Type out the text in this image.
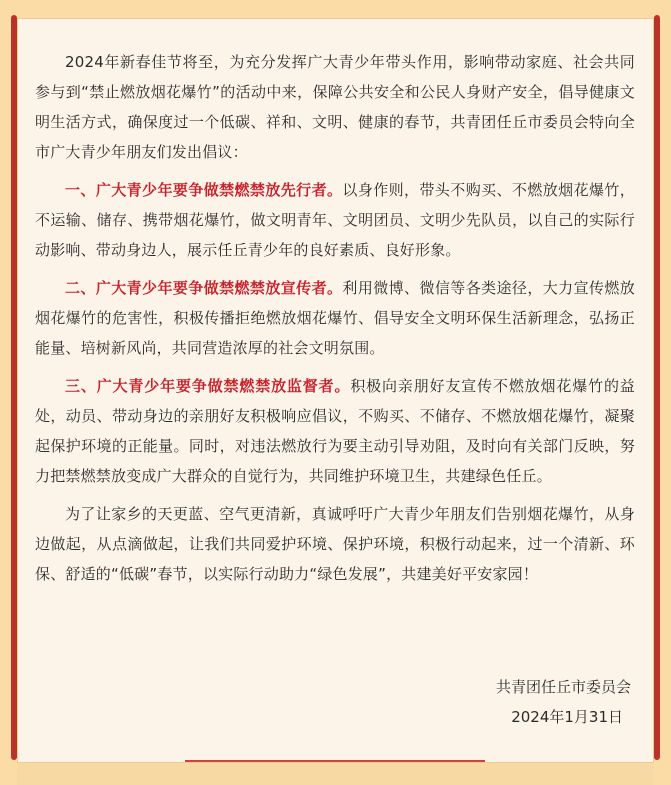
2024年新春佳节将至，为充分发挥广大青少年带头作用，影响带动家庭、社会共同参与到“禁止燃放烟花爆竹”的活动中来，保障公共安全和公民人身财产安全，倡导健康文明生活方式，确保度过一个低碳、祥和、文明、健康的春节，共青团任丘市委员会特向全市广大青少年朋友们发出倡议：

一、广大青少年要争做禁燃禁放先行者。以身作则，带头不购买、不燃放烟花爆竹，不运输、储存、携带烟花爆竹，做文明青年、文明团员、文明少先队员，以自己的实际行动影响、带动身边人，展示任丘青少年的良好素质、良好形象。

二、广大青少年要争做禁燃禁放宣传者。利用微博、微信等各类途径，大力宣传燃放烟花爆竹的危害性，积极传播拒绝燃放烟花爆竹、倡导安全文明环保生活新理念，弘扬正能量、培树新风尚，共同营造浓厚的社会文明氛围。

三、广大青少年要争做禁燃禁放监督者。积极向亲朋好友宣传不燃放烟花爆竹的益处，动员、带动身边的亲朋好友积极响应倡议，不购买、不储存、不燃放烟花爆竹，凝聚起保护环境的正能量。同时，对违法燃放行为要主动引导劝阻，及时向有关部门反映，努力把禁燃禁放变成广大群众的自觉行为，共同维护环境卫生，共建绿色任丘。

为了让家乡的天更蓝、空气更清新，真诚呼吁广大青少年朋友们告别烟花爆竹，从身边做起，从点滴做起，让我们共同爱护环境、保护环境，积极行动起来，过一个清新、环保、舒适的“低碳”春节，以实际行动助力“绿色发展”，共建美好平安家园！

共青团任丘市委员会
2024年1月31日
